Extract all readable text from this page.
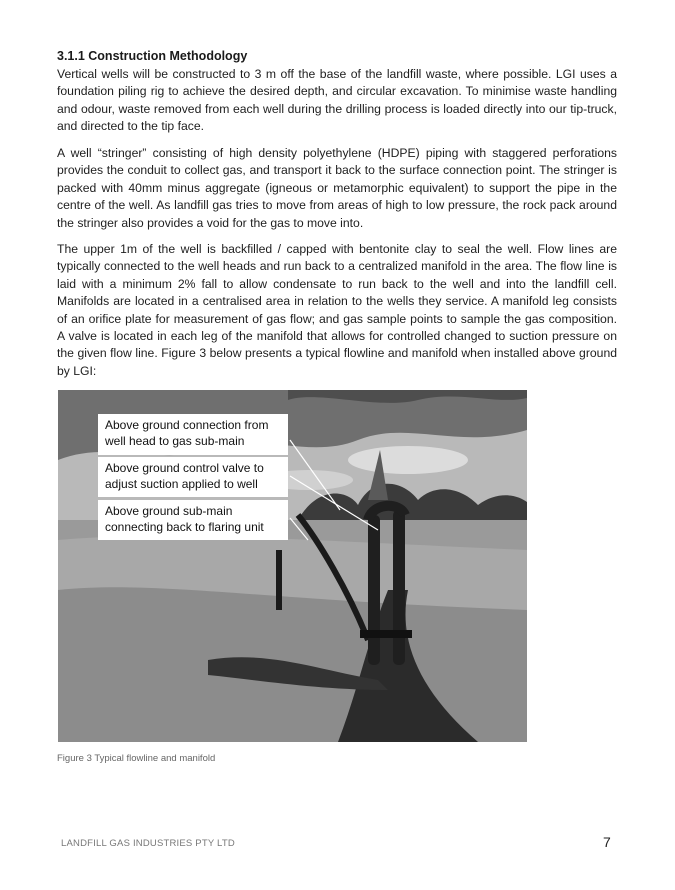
3.1.1 Construction Methodology

Vertical wells will be constructed to 3 m off the base of the landfill waste, where possible. LGI uses a foundation piling rig to achieve the desired depth, and circular excavation. To minimise waste handling and odour, waste removed from each well during the drilling process is loaded directly into our tip-truck, and directed to the tip face.

A well “stringer” consisting of high density polyethylene (HDPE) piping with staggered perforations provides the conduit to collect gas, and transport it back to the surface connection point. The stringer is packed with 40mm minus aggregate (igneous or metamorphic equivalent) to support the pipe in the centre of the well. As landfill gas tries to move from areas of high to low pressure, the rock pack around the stringer also provides a void for the gas to move into.

The upper 1m of the well is backfilled / capped with bentonite clay to seal the well. Flow lines are typically connected to the well heads and run back to a centralized manifold in the area. The flow line is laid with a minimum 2% fall to allow condensate to run back to the well and into the landfill cell. Manifolds are located in a centralised area in relation to the wells they service. A manifold leg consists of an orifice plate for measurement of gas flow; and gas sample points to sample the gas composition. A valve is located in each leg of the manifold that allows for controlled changed to suction pressure on the given flow line. Figure 3 below presents a typical flowline and manifold when installed above ground by LGI:

Above ground connection from well head to gas sub-main
Above ground control valve to adjust suction applied to well
Above ground sub-main connecting back to flaring unit
Figure 3 Typical flowline and manifold
LANDFILL GAS INDUSTRIES PTY LTD	7
